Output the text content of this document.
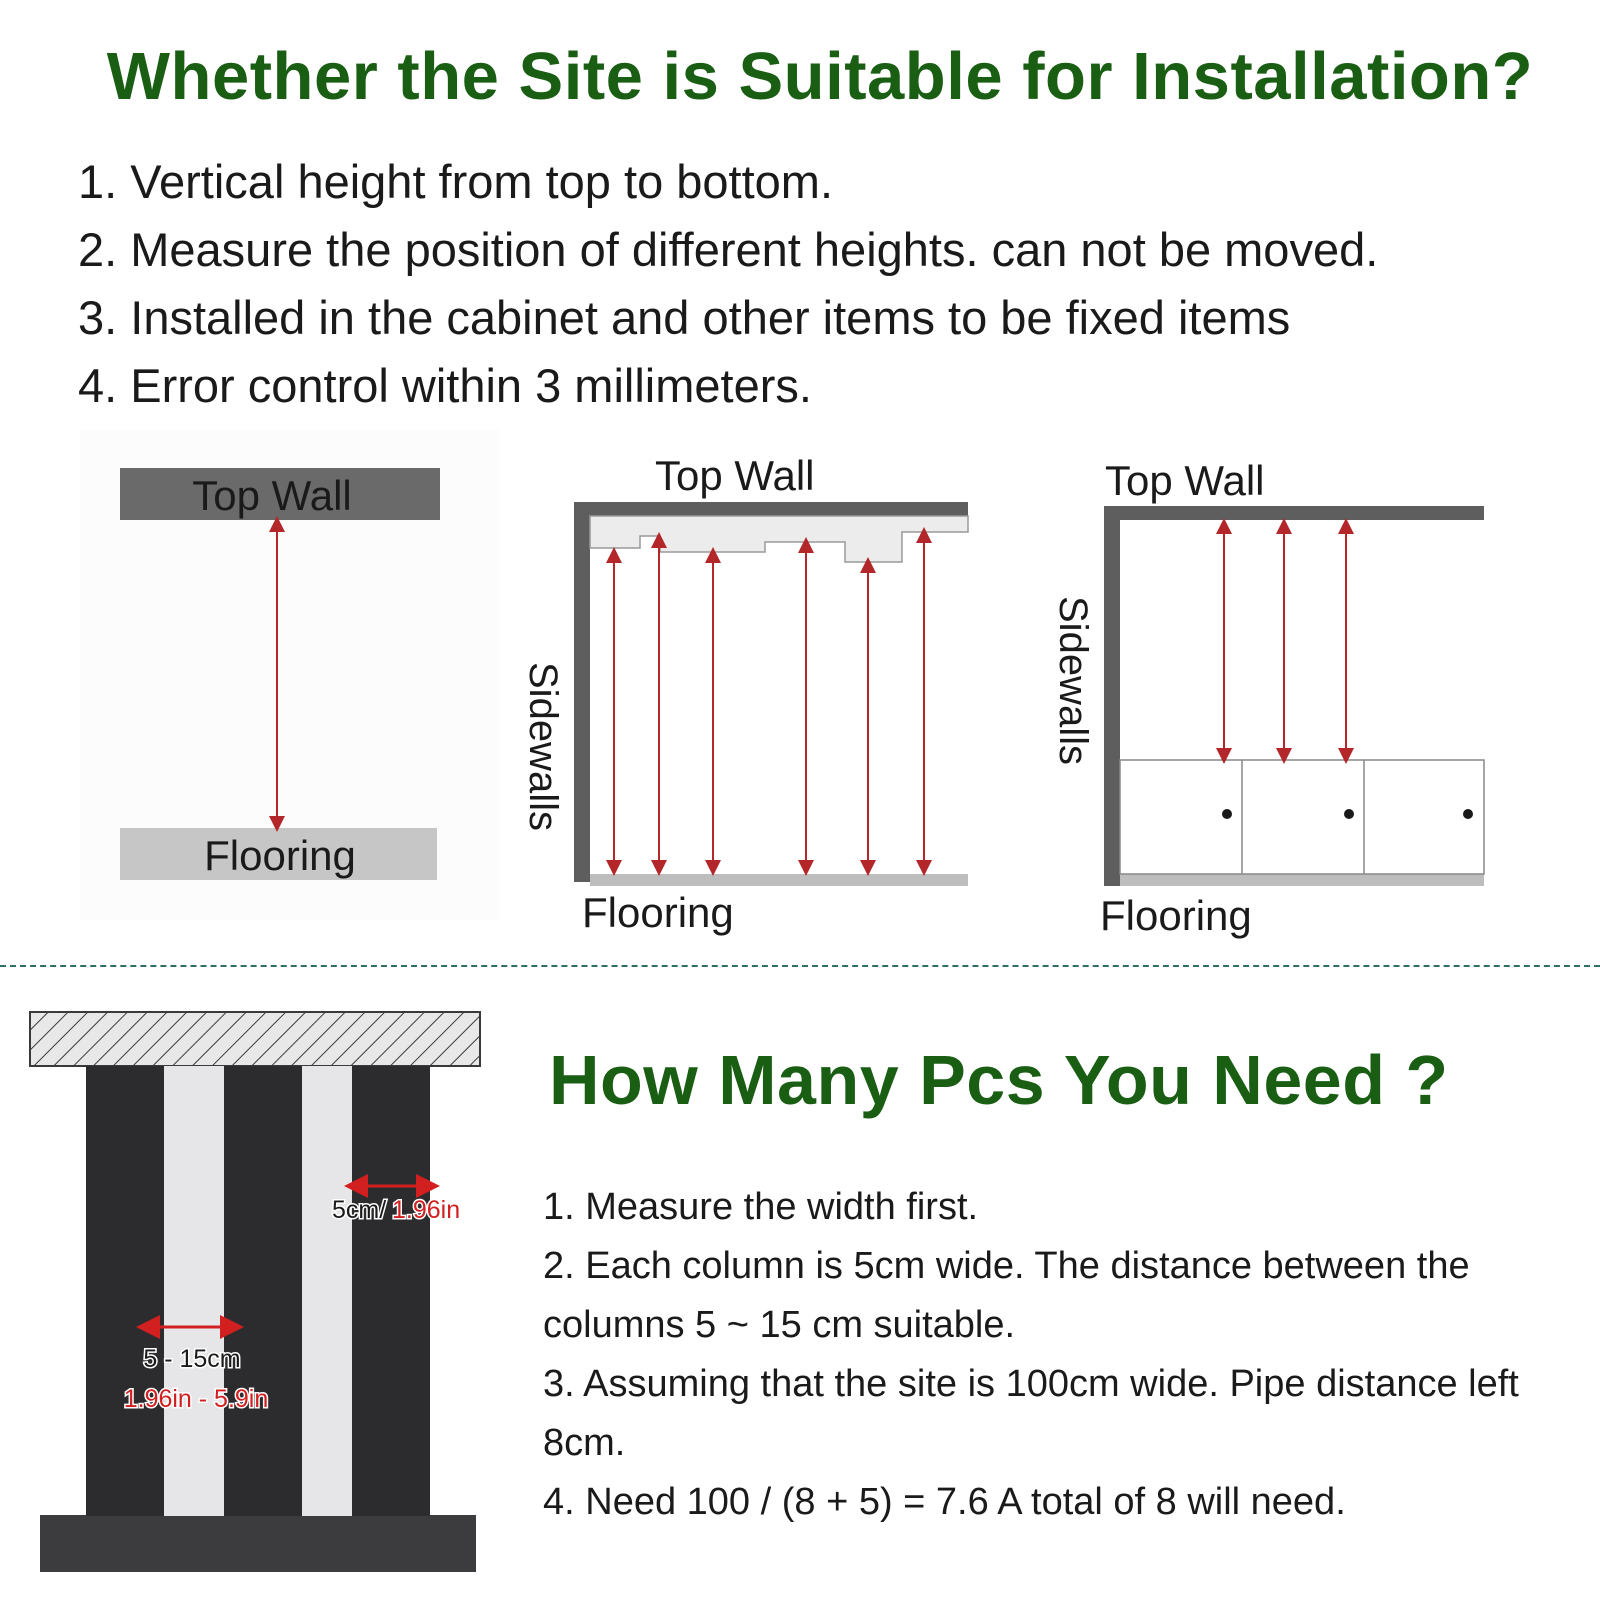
Whether the Site is Suitable for Installation?
1. Vertical height from top to bottom.
2. Measure the position of different heights. can not be moved.
3. Installed in the cabinet and other items to be fixed items
4. Error control within 3 millimeters.
Top Wall
Flooring
Top Wall
Sidewalls
Flooring
Top Wall
Sidewalls
Flooring
5cm/ 1.96in
5 - 15cm
1.96in - 5.9in
How Many Pcs You Need ?
1. Measure the width first.
2. Each column is 5cm wide. The distance between the columns 5 ~ 15 cm suitable.
3. Assuming that the site is 100cm wide. Pipe distance left 8cm.
4. Need 100 / (8 + 5) = 7.6 A total of 8 will need.
